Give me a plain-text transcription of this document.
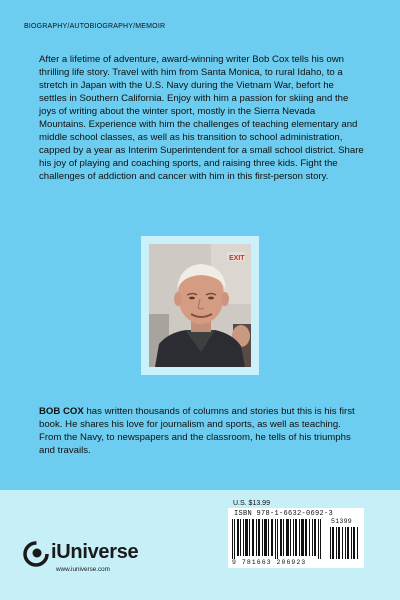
BIOGRAPHY/AUTOBIOGRAPHY/MEMOIR

After a lifetime of adventure, award-winning writer Bob Cox tells his own thrilling life story. Travel with him from Santa Monica, to rural Idaho, to a stretch in Japan with the U.S. Navy during the Vietnam War, befort he settles in Southern California. Enjoy with him a passion for skiing and the joys of writing about the winter sport, mostly in the Sierra Nevada Mountains. Experience with him the challenges of teaching elementary and middle school classes, as well as his transition to school administration, capped by a year as Interim Superintendent for a small school district. Share his joy of playing and coaching sports, and raising three kids. Fight the challenges of addiction and cancer with him in this first-person story.

EXIT

BOB COX has written thousands of columns and stories but this is his first book. He shares his love for journalism and sports, as well as teaching. From the Navy, to newspapers and the classroom, he tells of his triumphs and travails.

U.S. $13.99
ISBN 978-1-6632-0692-3
9 781663 206923
51399
iUniverse
www.iuniverse.com
